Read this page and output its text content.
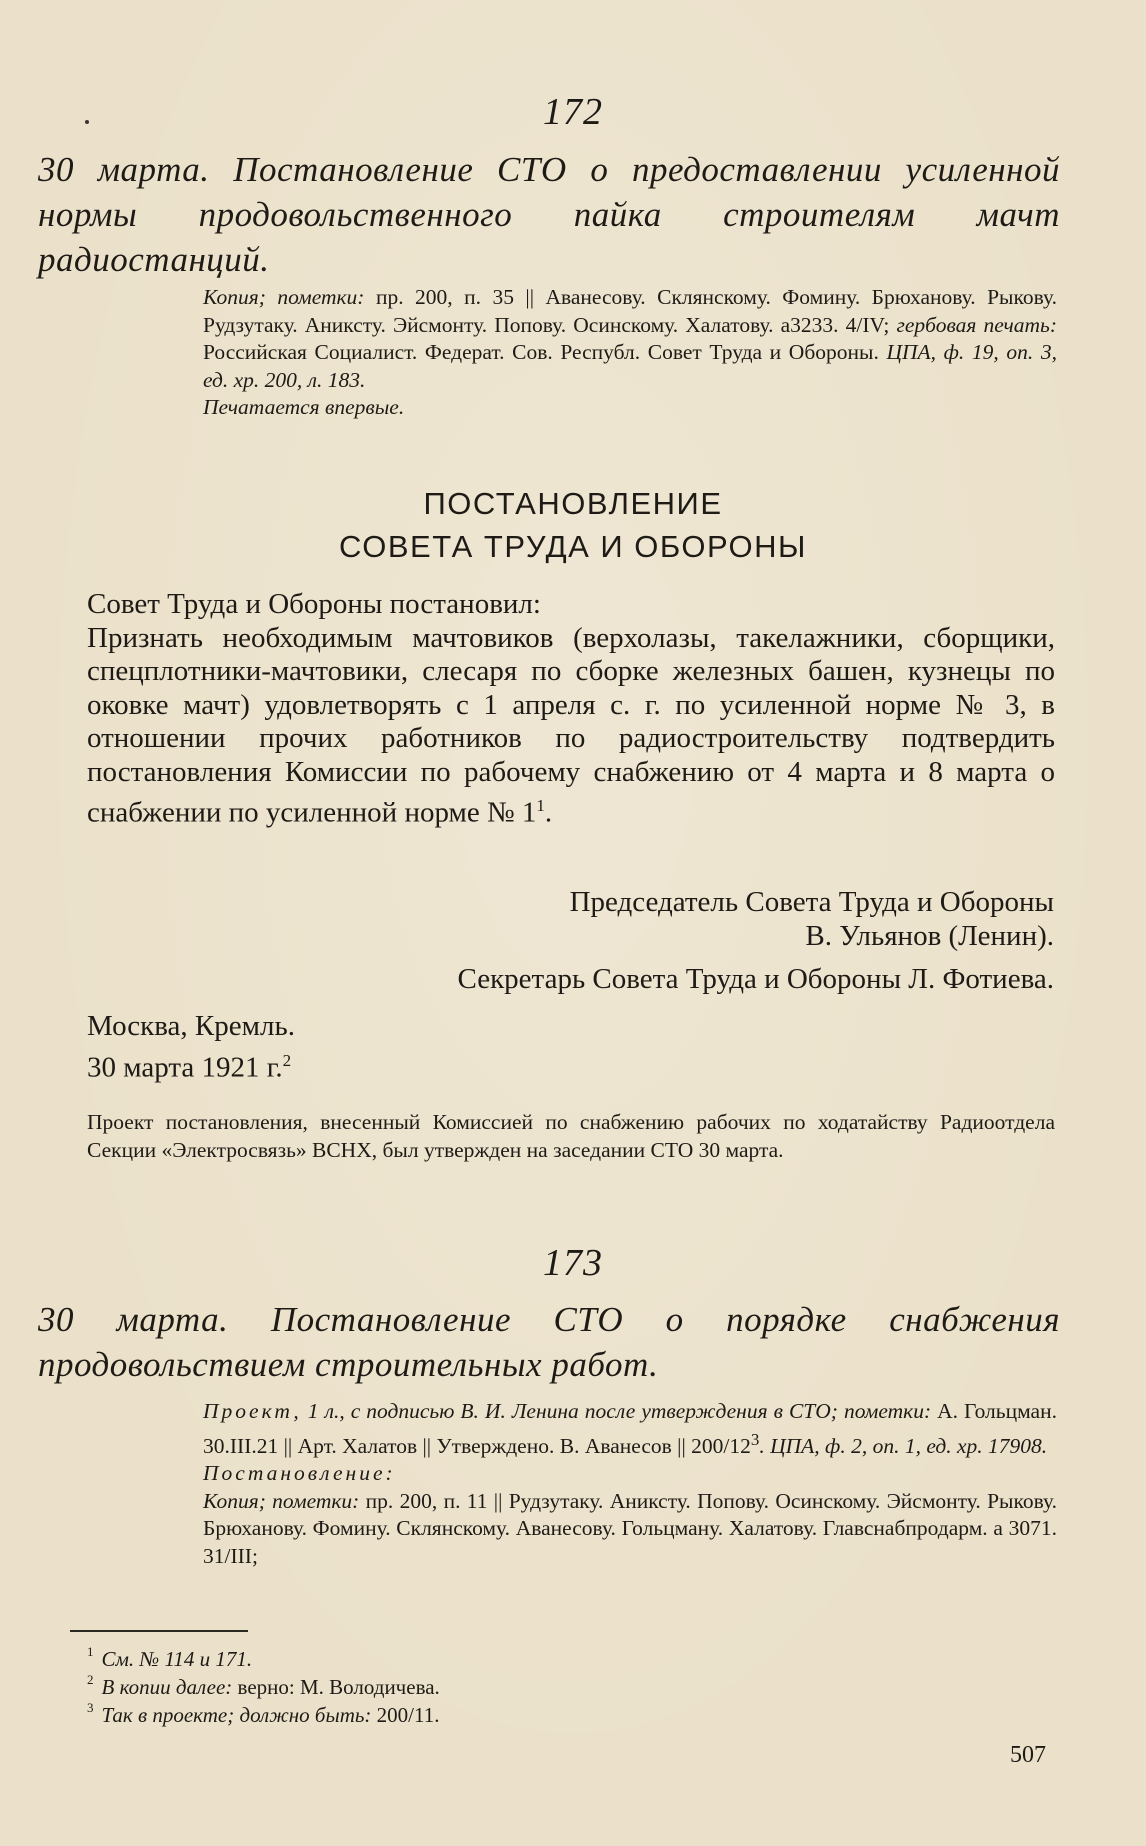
172
30 марта. Постановление СТО о предоставлении усиленной нормы продовольственного пайка строителям мачт радиостанций.

Копия; пометки: пр. 200, п. 35 || Аванесову. Склянскому. Фомину. Брюханову. Рыкову. Рудзутаку. Аниксту. Эйсмонту. Попову. Осинскому. Халатову. а3233. 4/IV; гербовая печать: Российская Социалист. Федерат. Сов. Республ. Совет Труда и Обороны. ЦПА, ф. 19, оп. 3, ед. хр. 200, л. 183.

Печатается впервые.

ПОСТАНОВЛЕНИЕ
СОВЕТА ТРУДА И ОБОРОНЫ

Совет Труда и Обороны постановил:

Признать необходимым мачтовиков (верхолазы, такелажники, сборщики, спецплотники-мачтовики, слесаря по сборке железных башен, кузнецы по оковке мачт) удовлетворять с 1 апреля с. г. по усиленной норме № 3, в отношении прочих работников по радиостроительству подтвердить постановления Комиссии по рабочему снабжению от 4 марта и 8 марта о снабжении по усиленной норме № $1^1$.

Председатель Совета Труда и Обороны
В. Ульянов (Ленин).
Секретарь Совета Труда и Обороны Л. Фотиева.
Москва, Кремль.
30 марта 1921 г.$^2$
Проект постановления, внесенный Комиссией по снабжению рабочих по ходатайству Радиоотдела Секции «Электросвязь» ВСНХ, был утвержден на заседании СТО 30 марта.
173
30 марта. Постановление СТО о порядке снабжения продовольствием строительных работ.

Проект, 1 л., с подписью В. И. Ленина после утверждения в СТО; пометки: А. Гольцман. 30.III.21 || Арт. Халатов || Утверждено. В. Аванесов || $200/12^3$. ЦПА, ф. 2, оп. 1, ед. хр. 17908.

Постановление:

Копия; пометки: пр. 200, п. 11 || Рудзутаку. Аниксту. Попову. Осинскому. Эйсмонту. Рыкову. Брюханову. Фомину. Склянскому. Аванесову. Гольцману. Халатову. Главснабпродарм. а 3071. 31/III;

$^1$ См. № 114 и 171.
$^2$ В копии далее: верно: М. Володичева.
$^3$ Так в проекте; должно быть: 200/11.
507
